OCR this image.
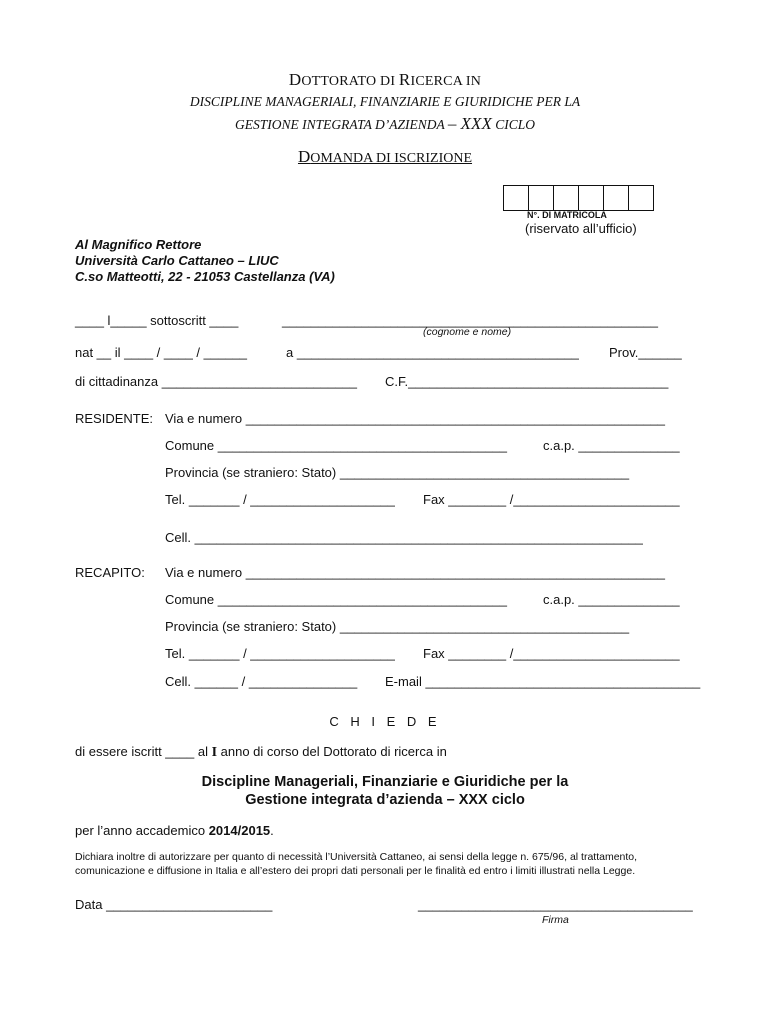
DOTTORATO DI RICERCA IN
DISCIPLINE MANAGERIALI, FINANZIARIE E GIURIDICHE PER LA
GESTIONE INTEGRATA D’AZIENDA – XXX CICLO
DOMANDA DI ISCRIZIONE
N°. DI MATRICOLA
(riservato all’ufficio)
Al Magnifico Rettore
Università Carlo Cattaneo – LIUC
C.so Matteotti, 22 - 21053 Castellanza (VA)
____ l_____ sottoscritt ____	____________________________________________________
(cognome e nome)
nat __ il ____ / ____ / ______	a _______________________________________ Prov.______
di cittadinanza ___________________________ C.F.____________________________________
RESIDENTE: Via e numero __________________________________________________________
Comune ________________________________________	c.a.p. ______________
Provincia (se straniero: Stato) ________________________________________
Tel. _______ / ____________________ Fax ________ /_______________________
Cell. ______________________________________________________________
RECAPITO: Via e numero __________________________________________________________
Comune ________________________________________	c.a.p. ______________
Provincia (se straniero: Stato) ________________________________________
Tel. _______ / ____________________ Fax ________ /_______________________
Cell. ______ / _______________ E-mail ______________________________________
C H I E D E
di essere iscritt ____ al I anno di corso del Dottorato di ricerca in
Discipline Manageriali, Finanziarie e Giuridiche per la
Gestione integrata d’azienda – XXX ciclo
per l’anno accademico 2014/2015.
Dichiara inoltre di autorizzare per quanto di necessità l’Università Cattaneo, ai sensi della legge n. 675/96, al trattamento,
comunicazione e diffusione in Italia e all’estero dei propri dati personali per le finalità ed entro i limiti illustrati nella Legge.
Data _______________________	______________________________________
Firma
